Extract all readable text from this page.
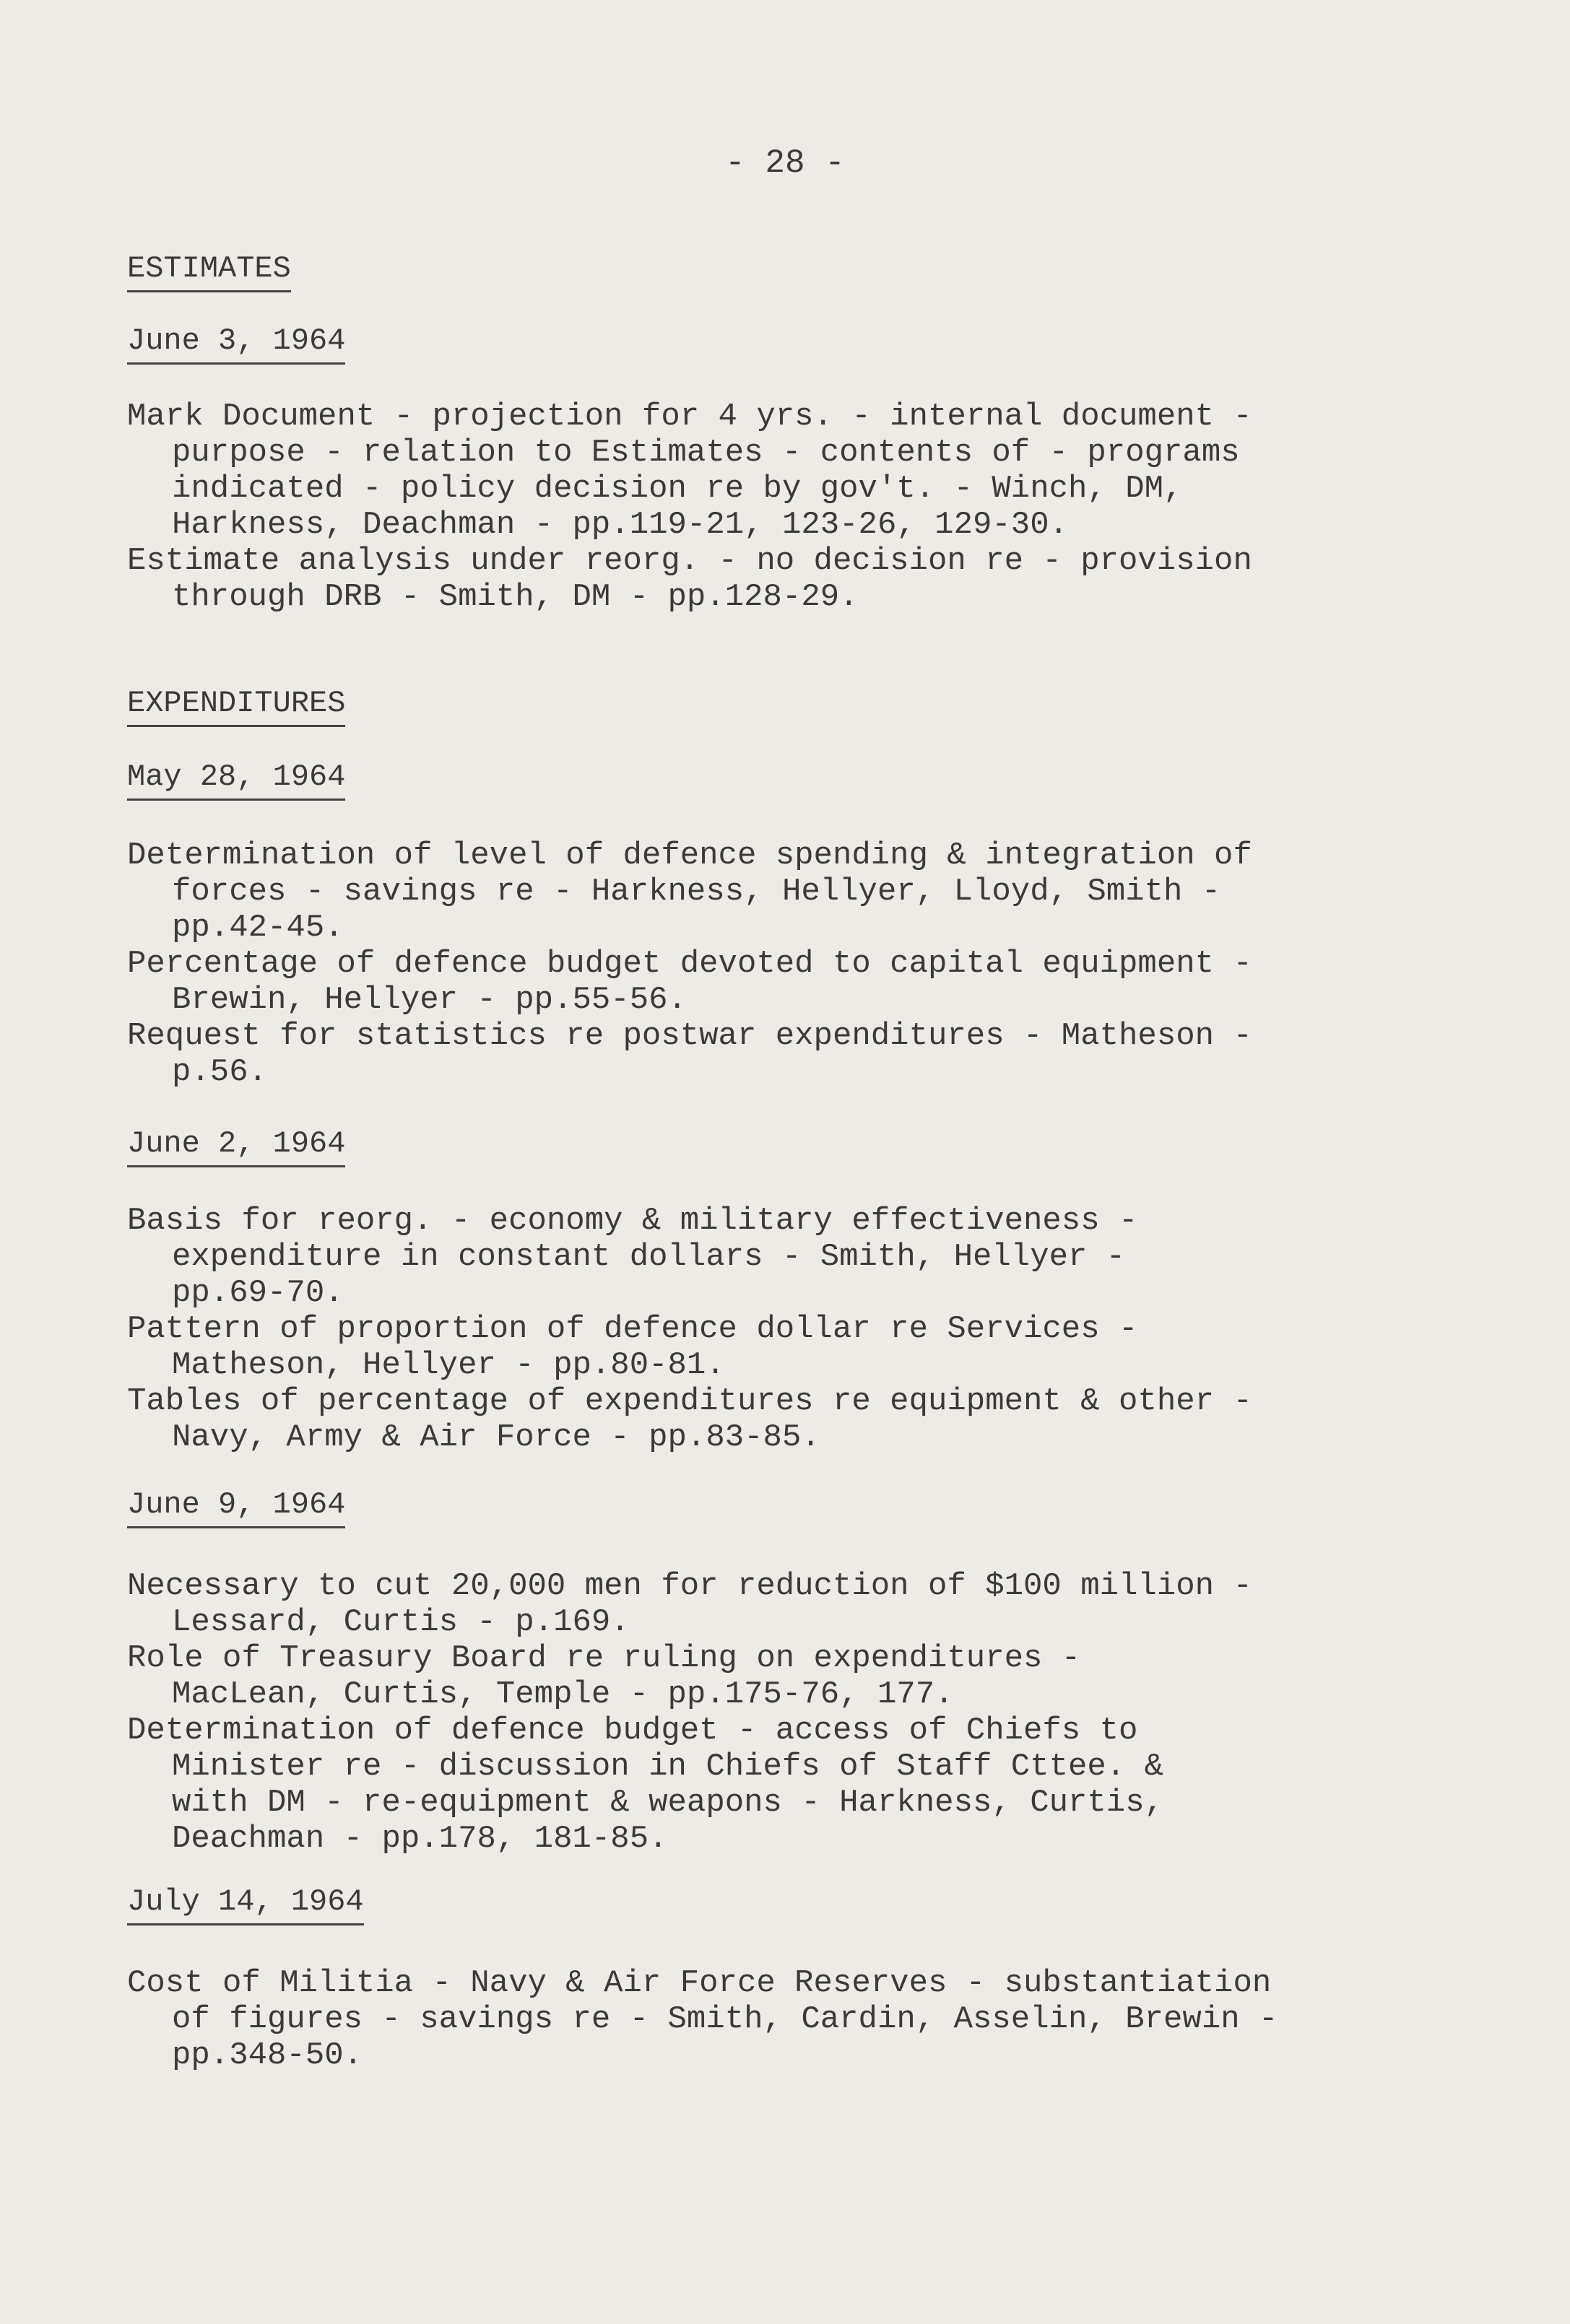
- 28 -
ESTIMATES
June 3, 1964
Mark Document - projection for 4 yrs. - internal document -
purpose - relation to Estimates - contents of - programs
indicated - policy decision re by gov't. - Winch, DM,
Harkness, Deachman - pp.119-21, 123-26, 129-30.
Estimate analysis under reorg. - no decision re - provision
through DRB - Smith, DM - pp.128-29.
EXPENDITURES
May 28, 1964
Determination of level of defence spending & integration of
forces - savings re - Harkness, Hellyer, Lloyd, Smith -
pp.42-45.
Percentage of defence budget devoted to capital equipment -
Brewin, Hellyer - pp.55-56.
Request for statistics re postwar expenditures - Matheson -
p.56.
June 2, 1964
Basis for reorg. - economy & military effectiveness -
expenditure in constant dollars - Smith, Hellyer -
pp.69-70.
Pattern of proportion of defence dollar re Services -
Matheson, Hellyer - pp.80-81.
Tables of percentage of expenditures re equipment & other -
Navy, Army & Air Force - pp.83-85.
June 9, 1964
Necessary to cut 20,000 men for reduction of $100 million -
Lessard, Curtis - p.169.
Role of Treasury Board re ruling on expenditures -
MacLean, Curtis, Temple - pp.175-76, 177.
Determination of defence budget - access of Chiefs to
Minister re - discussion in Chiefs of Staff Cttee. &
with DM - re-equipment & weapons - Harkness, Curtis,
Deachman - pp.178, 181-85.
July 14, 1964
Cost of Militia - Navy & Air Force Reserves - substantiation
of figures - savings re - Smith, Cardin, Asselin, Brewin -
pp.348-50.
